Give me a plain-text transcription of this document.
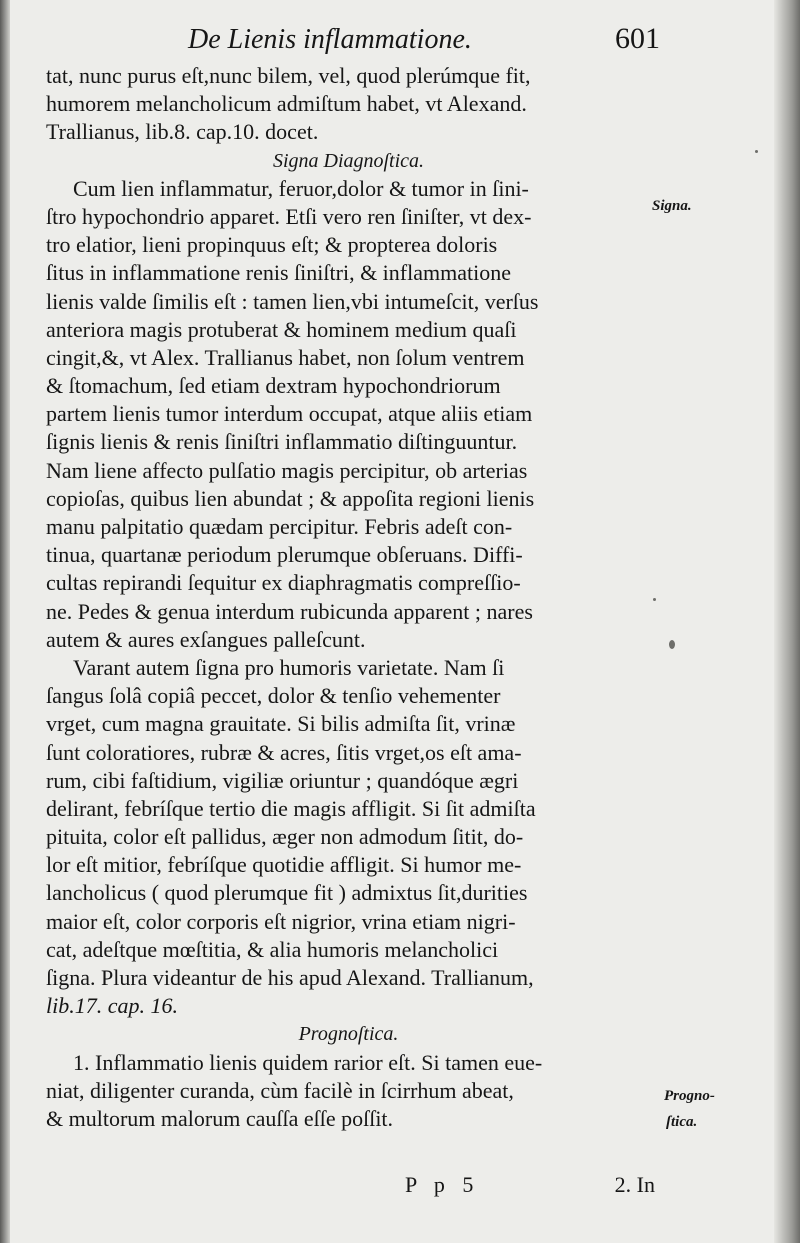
De Lienis inflammatione.	601
tat, nunc purus eſt,nunc bilem, vel, quod plerúmque fit,
humorem melancholicum admiſtum habet, vt Alexand.
Trallianus, lib.8. cap.10. docet.
Signa Diagnoſtica.
Cum lien inflammatur, feruor,dolor & tumor in ſini-
ſtro hypochondrio apparet. Etſi vero ren ſiniſter, vt dex-
tro elatior, lieni propinquus eſt; & propterea doloris
ſitus in inflammatione renis ſiniſtri, & inflammatione
lienis valde ſimilis eſt : tamen lien,vbi intumeſcit, verſus
anteriora magis protuberat & hominem medium quaſi
cingit,&, vt Alex. Trallianus habet, non ſolum ventrem
& ſtomachum, ſed etiam dextram hypochondriorum
partem lienis tumor interdum occupat, atque aliis etiam
ſignis lienis & renis ſiniſtri inflammatio diſtinguuntur.
Nam liene affecto pulſatio magis percipitur, ob arterias
copioſas, quibus lien abundat ; & appoſita regioni lienis
manu palpitatio quædam percipitur. Febris adeſt con-
tinua, quartanæ periodum plerumque obſeruans. Diffi-
cultas repirandi ſequitur ex diaphragmatis compreſſio-
ne. Pedes & genua interdum rubicunda apparent ; nares
autem & aures exſangues palleſcunt.
Varant autem ſigna pro humoris varietate. Nam ſi
ſangus ſolâ copiâ peccet, dolor & tenſio vehementer
vrget, cum magna grauitate. Si bilis admiſta ſit, vrinæ
ſunt coloratiores, rubræ & acres, ſitis vrget,os eſt ama-
rum, cibi faſtidium, vigiliæ oriuntur ; quandóque ægri
delirant, febríſque tertio die magis affligit. Si ſit admiſta
pituita, color eſt pallidus, æger non admodum ſitit, do-
lor eſt mitior, febríſque quotidie affligit. Si humor me-
lancholicus ( quod plerumque fit ) admixtus ſit,durities
maior eſt, color corporis eſt nigrior, vrina etiam nigri-
cat, adeſtque mœſtitia, & alia humoris melancholici
ſigna. Plura videantur de his apud Alexand. Trallianum,
lib.17. cap. 16.
Prognoſtica.
1. Inflammatio lienis quidem rarior eſt. Si tamen eue-
niat, diligenter curanda, cùm facilè in ſcirrhum abeat,
& multorum malorum cauſſa eſſe poſſit.
Signa.
Progno-
ſtica.
P p 5	2. In
